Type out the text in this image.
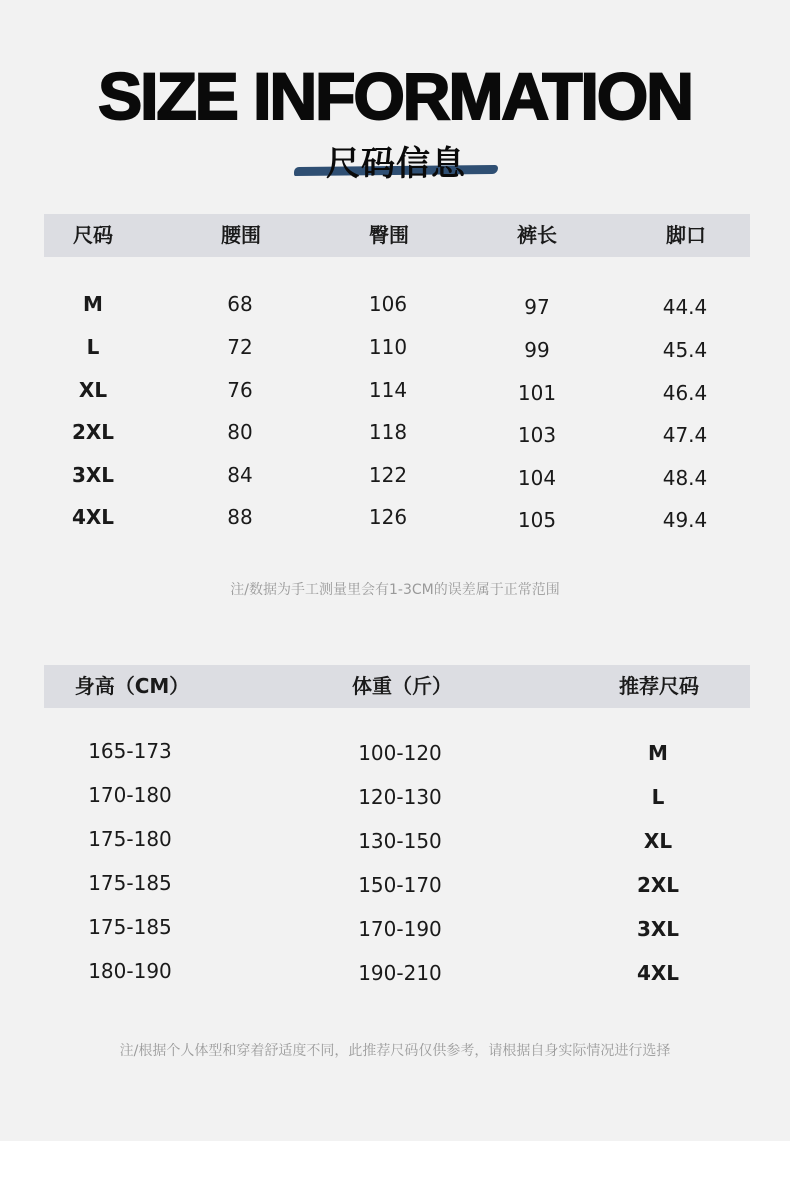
SIZE INFORMATION
尺码信息
尺码	腰围	臀围	裤长	脚口
M	68	106	97	44.4
L	72	110	99	45.4
XL	76	114	101	46.4
2XL	80	118	103	47.4
3XL	84	122	104	48.4
4XL	88	126	105	49.4
注/数据为手工测量里会有1-3CM的误差属于正常范围
身高（CM）	体重（斤）	推荐尺码
165-173	100-120	M
170-180	120-130	L
175-180	130-150	XL
175-185	150-170	2XL
175-185	170-190	3XL
180-190	190-210	4XL
注/根据个人体型和穿着舒适度不同，此推荐尺码仅供参考，请根据自身实际情况进行选择
